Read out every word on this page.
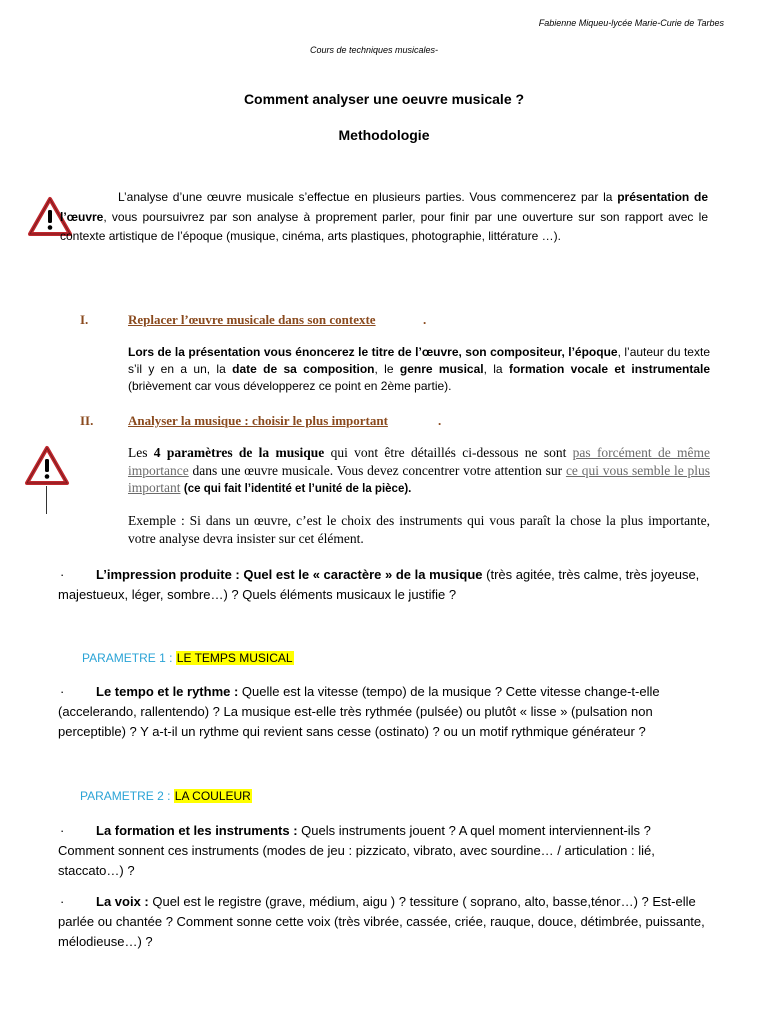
Fabienne Miqueu-lycée Marie-Curie de Tarbes
Cours de techniques musicales-
Comment analyser une oeuvre musicale ?
Methodologie
L’analyse d’une œuvre musicale s’effectue en plusieurs parties. Vous commencerez par la présentation de l’œuvre, vous poursuivrez par son analyse à proprement parler, pour finir par une ouverture sur son rapport avec le contexte artistique de l’époque (musique, cinéma, arts plastiques, photographie, littérature …).
I.	Replacer l’œuvre musicale dans son contexte	.
Lors de la présentation vous énoncerez le titre de l’œuvre, son compositeur, l’époque, l’auteur du texte s’il y en a un, la date de sa composition, le genre musical, la formation vocale et instrumentale (brièvement car vous développerez ce point en 2ème partie).
II.	Analyser la musique : choisir le plus important	.
Les 4 paramètres de la musique qui vont être détaillés ci-dessous ne sont pas forcément de même importance dans une œuvre musicale. Vous devez concentrer votre attention sur ce qui vous semble le plus important (ce qui fait l’identité et l’unité de la pièce).
Exemple : Si dans un œuvre, c’est le choix des instruments qui vous paraît la chose la plus importante, votre analyse devra insister sur cet élément.
· L’impression produite : Quel est le « caractère » de la musique (très agitée, très calme, très joyeuse, majestueux, léger, sombre…) ? Quels éléments musicaux le justifie ?
PARAMETRE 1 : LE TEMPS MUSICAL
· Le tempo et le rythme : Quelle est la vitesse (tempo) de la musique ? Cette vitesse change-t-elle (accelerando, rallentendo) ? La musique est-elle très rythmée (pulsée) ou plutôt « lisse » (pulsation non perceptible) ? Y a-t-il un rythme qui revient sans cesse (ostinato) ? ou un motif rythmique générateur ?
PARAMETRE 2 : LA COULEUR
· La formation et les instruments : Quels instruments jouent ? A quel moment interviennent-ils ? Comment sonnent ces instruments (modes de jeu : pizzicato, vibrato, avec sourdine… / articulation : lié, staccato…) ?
· La voix : Quel est le registre (grave, médium, aigu ) ? tessiture ( soprano, alto, basse,ténor…) ? Est-elle parlée ou chantée ? Comment sonne cette voix (très vibrée, cassée, criée, rauque, douce, détimbrée, puissante, mélodieuse…) ?
